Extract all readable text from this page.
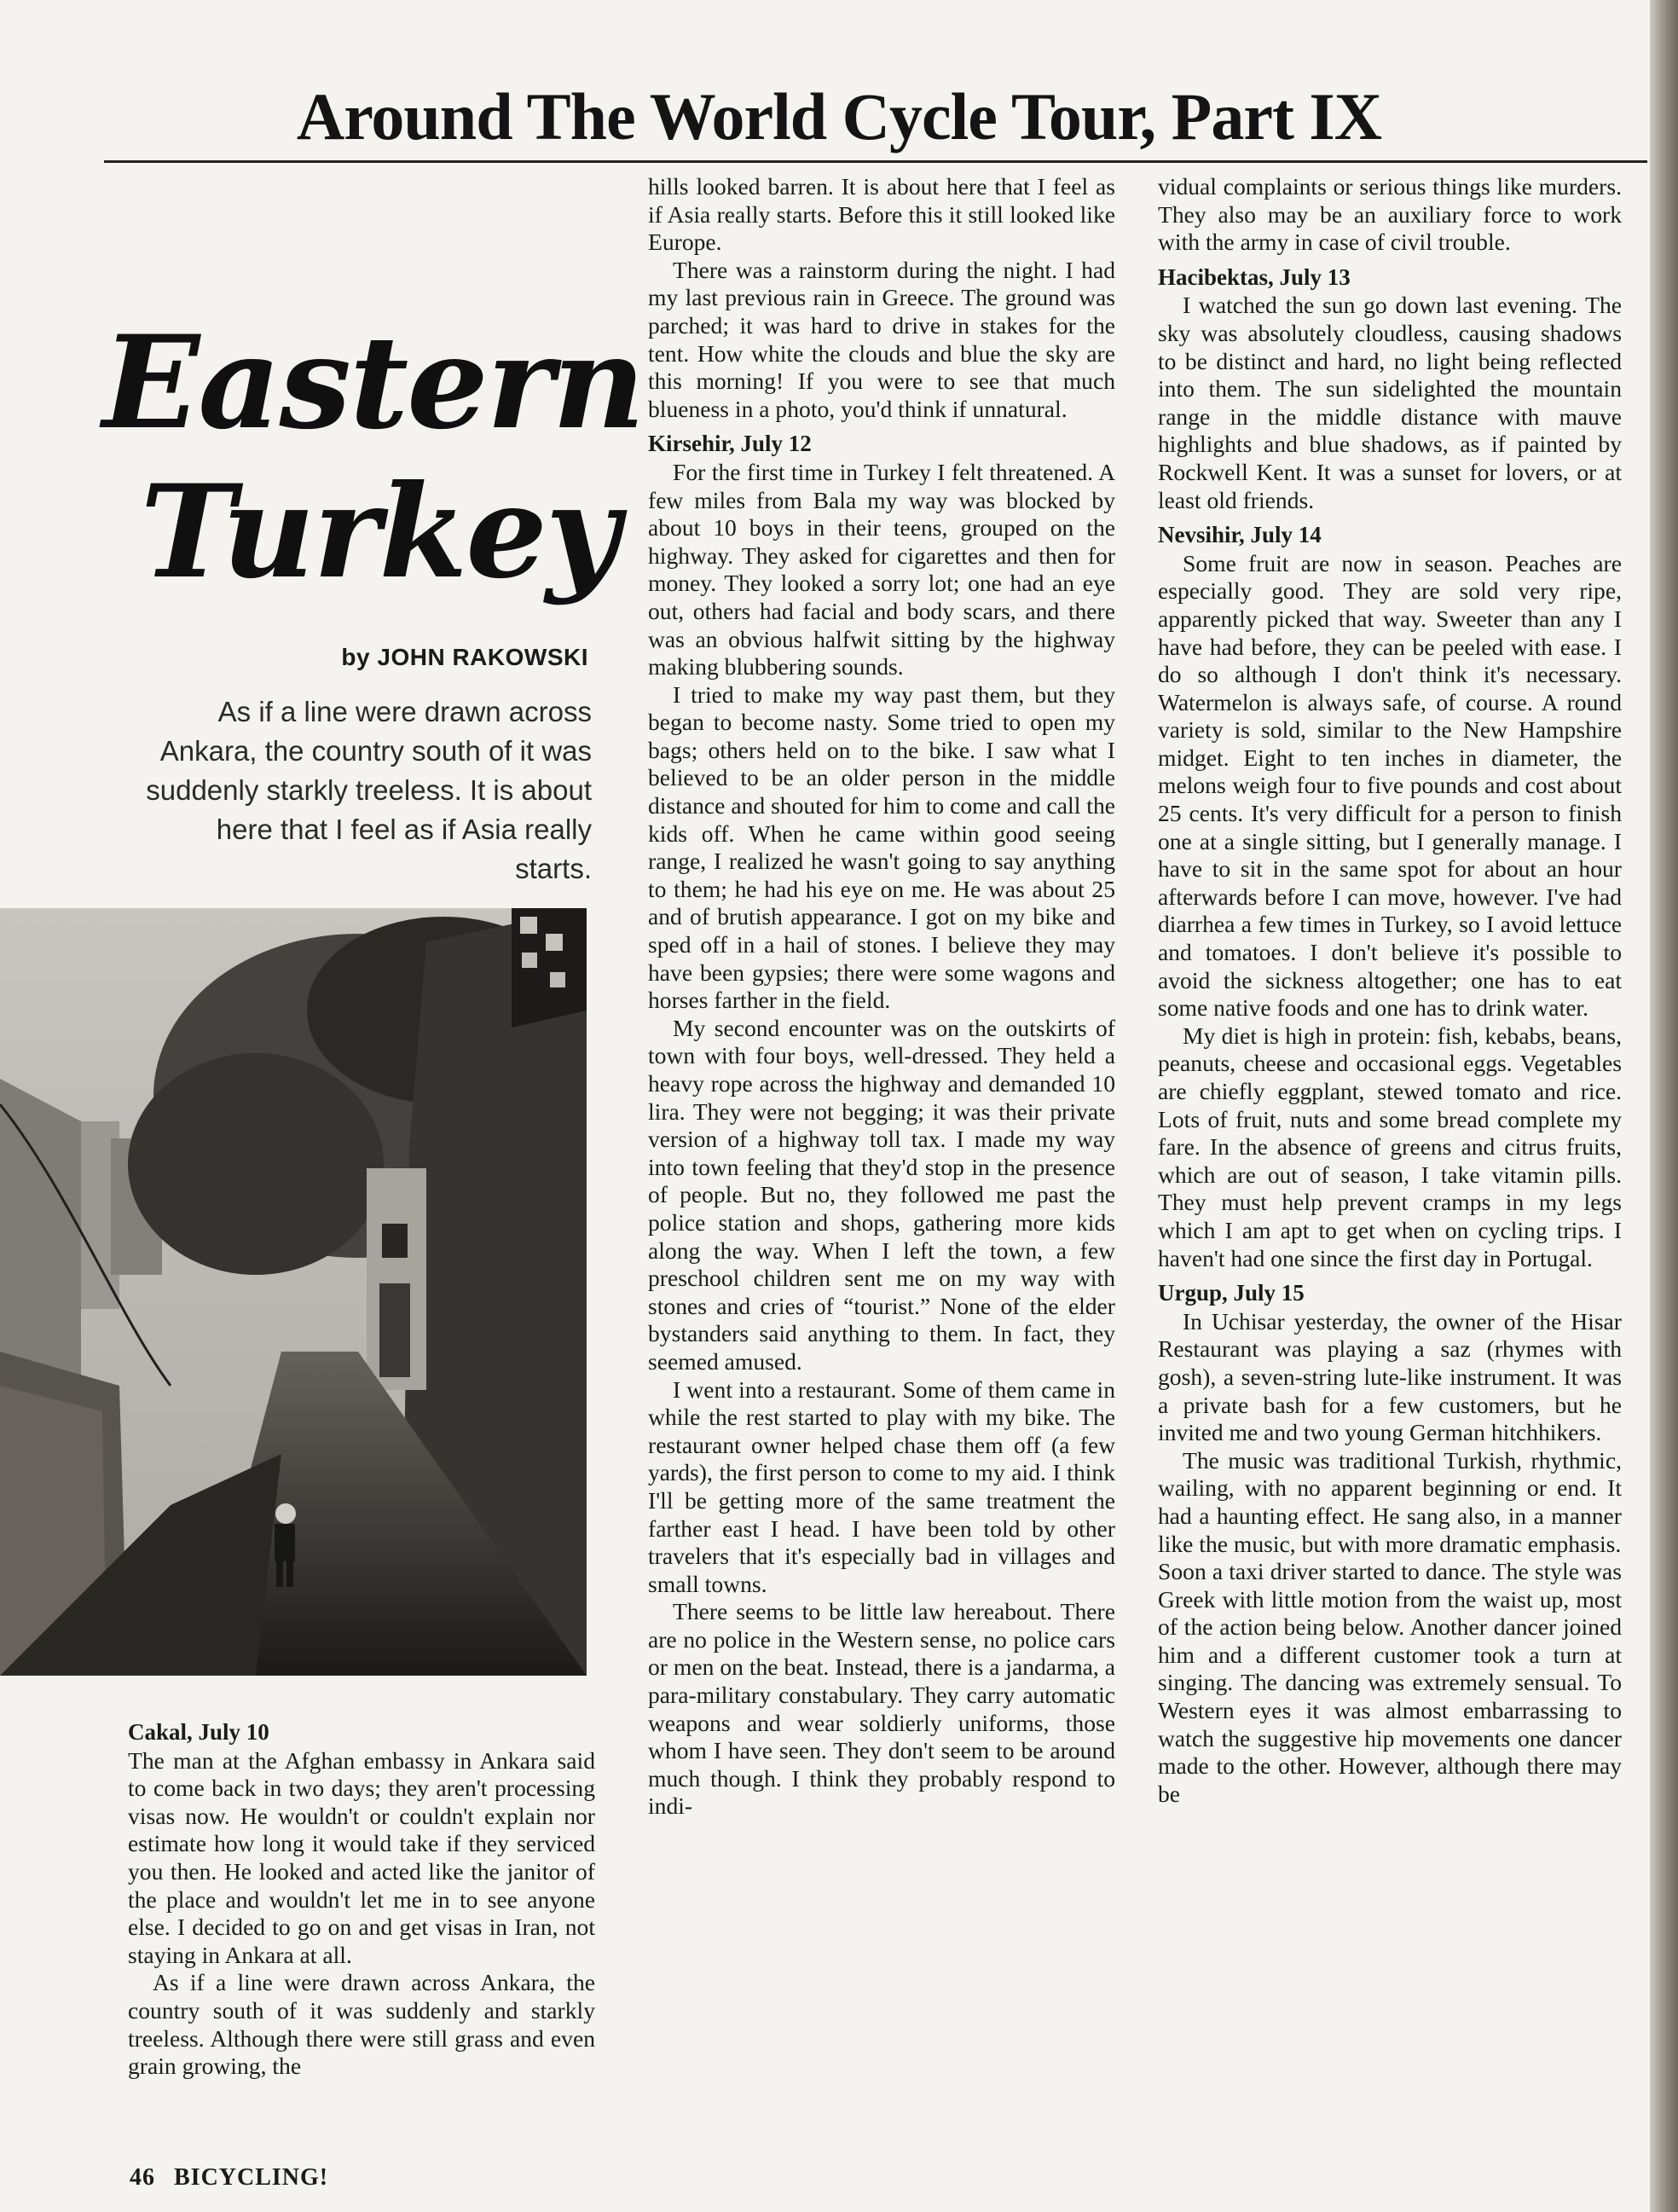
Around The World Cycle Tour, Part IX
Eastern
Turkey
by JOHN RAKOWSKI
As if a line were drawn across Ankara, the country south of it was suddenly starkly treeless. It is about here that I feel as if Asia really starts.
Cakal, July 10

The man at the Afghan embassy in Ankara said to come back in two days; they aren't processing visas now. He wouldn't or couldn't explain nor estimate how long it would take if they serviced you then. He looked and acted like the janitor of the place and wouldn't let me in to see anyone else. I decided to go on and get visas in Iran, not staying in Ankara at all.

As if a line were drawn across Ankara, the country south of it was suddenly and starkly treeless. Although there were still grass and even grain growing, the

hills looked barren. It is about here that I feel as if Asia really starts. Before this it still looked like Europe.

There was a rainstorm during the night. I had my last previous rain in Greece. The ground was parched; it was hard to drive in stakes for the tent. How white the clouds and blue the sky are this morning! If you were to see that much blueness in a photo, you'd think if unnatural.

Kirsehir, July 12

For the first time in Turkey I felt threatened. A few miles from Bala my way was blocked by about 10 boys in their teens, grouped on the highway. They asked for cigarettes and then for money. They looked a sorry lot; one had an eye out, others had facial and body scars, and there was an obvious halfwit sitting by the highway making blubbering sounds.

I tried to make my way past them, but they began to become nasty. Some tried to open my bags; others held on to the bike. I saw what I believed to be an older person in the middle distance and shouted for him to come and call the kids off. When he came within good seeing range, I realized he wasn't going to say anything to them; he had his eye on me. He was about 25 and of brutish appearance. I got on my bike and sped off in a hail of stones. I believe they may have been gypsies; there were some wagons and horses farther in the field.

My second encounter was on the outskirts of town with four boys, well-dressed. They held a heavy rope across the highway and demanded 10 lira. They were not begging; it was their private version of a highway toll tax. I made my way into town feeling that they'd stop in the presence of people. But no, they followed me past the police station and shops, gathering more kids along the way. When I left the town, a few preschool children sent me on my way with stones and cries of “tourist.” None of the elder bystanders said anything to them. In fact, they seemed amused.

I went into a restaurant. Some of them came in while the rest started to play with my bike. The restaurant owner helped chase them off (a few yards), the first person to come to my aid. I think I'll be getting more of the same treatment the farther east I head. I have been told by other travelers that it's especially bad in villages and small towns.

There seems to be little law hereabout. There are no police in the Western sense, no police cars or men on the beat. Instead, there is a jandarma, a para-military constabulary. They carry automatic weapons and wear soldierly uniforms, those whom I have seen. They don't seem to be around much though. I think they probably respond to indi-

vidual complaints or serious things like murders. They also may be an auxiliary force to work with the army in case of civil trouble.

Hacibektas, July 13

I watched the sun go down last evening. The sky was absolutely cloudless, causing shadows to be distinct and hard, no light being reflected into them. The sun sidelighted the mountain range in the middle distance with mauve highlights and blue shadows, as if painted by Rockwell Kent. It was a sunset for lovers, or at least old friends.

Nevsihir, July 14

Some fruit are now in season. Peaches are especially good. They are sold very ripe, apparently picked that way. Sweeter than any I have had before, they can be peeled with ease. I do so although I don't think it's necessary. Watermelon is always safe, of course. A round variety is sold, similar to the New Hampshire midget. Eight to ten inches in diameter, the melons weigh four to five pounds and cost about 25 cents. It's very difficult for a person to finish one at a single sitting, but I generally manage. I have to sit in the same spot for about an hour afterwards before I can move, however. I've had diarrhea a few times in Turkey, so I avoid lettuce and tomatoes. I don't believe it's possible to avoid the sickness altogether; one has to eat some native foods and one has to drink water.

My diet is high in protein: fish, kebabs, beans, peanuts, cheese and occasional eggs. Vegetables are chiefly eggplant, stewed tomato and rice. Lots of fruit, nuts and some bread complete my fare. In the absence of greens and citrus fruits, which are out of season, I take vitamin pills. They must help prevent cramps in my legs which I am apt to get when on cycling trips. I haven't had one since the first day in Portugal.

Urgup, July 15

In Uchisar yesterday, the owner of the Hisar Restaurant was playing a saz (rhymes with gosh), a seven-string lute-like instrument. It was a private bash for a few customers, but he invited me and two young German hitchhikers.

The music was traditional Turkish, rhythmic, wailing, with no apparent beginning or end. It had a haunting effect. He sang also, in a manner like the music, but with more dramatic emphasis.

Soon a taxi driver started to dance. The style was Greek with little motion from the waist up, most of the action being below. Another dancer joined him and a different customer took a turn at singing. The dancing was extremely sensual. To Western eyes it was almost embarrassing to watch the suggestive hip movements one dancer made to the other. However, although there may be

46 BICYCLING!
